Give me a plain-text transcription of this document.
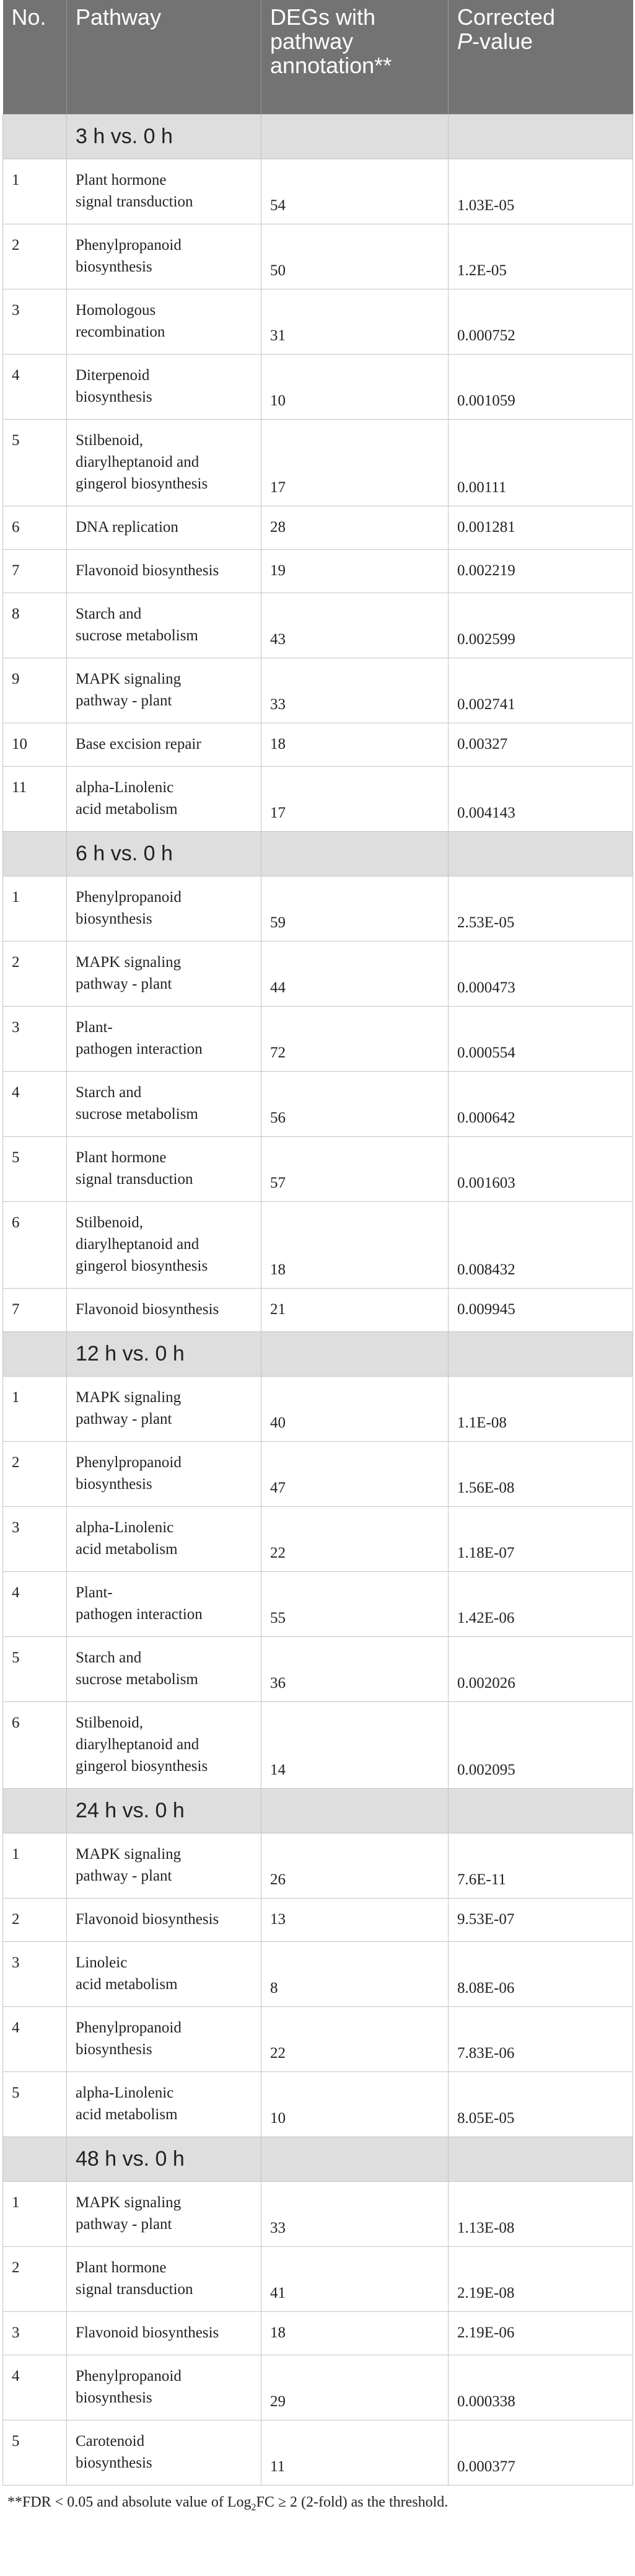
No.	Pathway	DEGs with
pathway
annotation**	Corrected
P-value
	3 h vs. 0 h		
1	Plant hormone
signal transduction	54	1.03E-05
2	Phenylpropanoid
biosynthesis	50	1.2E-05
3	Homologous
recombination	31	0.000752
4	Diterpenoid
biosynthesis	10	0.001059
5	Stilbenoid,
diarylheptanoid and
gingerol biosynthesis	17	0.00111
6	DNA replication	28	0.001281
7	Flavonoid biosynthesis	19	0.002219
8	Starch and
sucrose metabolism	43	0.002599
9	MAPK signaling
pathway - plant	33	0.002741
10	Base excision repair	18	0.00327
11	alpha-Linolenic
acid metabolism	17	0.004143
	6 h vs. 0 h		
1	Phenylpropanoid
biosynthesis	59	2.53E-05
2	MAPK signaling
pathway - plant	44	0.000473
3	Plant-
pathogen interaction	72	0.000554
4	Starch and
sucrose metabolism	56	0.000642
5	Plant hormone
signal transduction	57	0.001603
6	Stilbenoid,
diarylheptanoid and
gingerol biosynthesis	18	0.008432
7	Flavonoid biosynthesis	21	0.009945
	12 h vs. 0 h		
1	MAPK signaling
pathway - plant	40	1.1E-08
2	Phenylpropanoid
biosynthesis	47	1.56E-08
3	alpha-Linolenic
acid metabolism	22	1.18E-07
4	Plant-
pathogen interaction	55	1.42E-06
5	Starch and
sucrose metabolism	36	0.002026
6	Stilbenoid,
diarylheptanoid and
gingerol biosynthesis	14	0.002095
	24 h vs. 0 h		
1	MAPK signaling
pathway - plant	26	7.6E-11
2	Flavonoid biosynthesis	13	9.53E-07
3	Linoleic
acid metabolism	8	8.08E-06
4	Phenylpropanoid
biosynthesis	22	7.83E-06
5	alpha-Linolenic
acid metabolism	10	8.05E-05
	48 h vs. 0 h		
1	MAPK signaling
pathway - plant	33	1.13E-08
2	Plant hormone
signal transduction	41	2.19E-08
3	Flavonoid biosynthesis	18	2.19E-06
4	Phenylpropanoid
biosynthesis	29	0.000338
5	Carotenoid
biosynthesis	11	0.000377
**FDR < 0.05 and absolute value of Log$_2$FC ≥ 2 (2-fold) as the threshold.
